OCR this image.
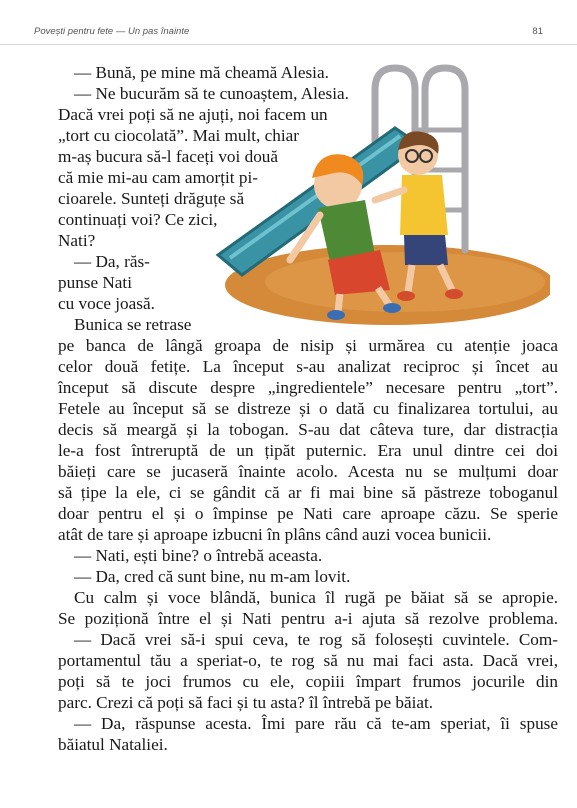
Povești pentru fete — Un pas înainte	81
— Bună, pe mine mă cheamă Alesia.
— Ne bucurăm să te cunoaștem, Alesia.
Dacă vrei poți să ne ajuți, noi facem un
„tort cu ciocolată”. Mai mult, chiar
m-aș bucura să-l faceți voi două
că mie mi-au cam amorțit pi-
cioarele. Sunteți drăguțe să
continuați voi? Ce zici,
Nati?
— Da, răs-
punse Nati
cu voce joasă.
Bunica se retrase
pe banca de lângă groapa de nisip și urmărea cu atenție joaca
celor două fetițe. La început s-au analizat reciproc și încet au
început să discute despre „ingredientele” necesare pentru „tort”.
Fetele au început să se distreze și o dată cu finalizarea tortului, au
decis să meargă și la tobogan. S-au dat câteva ture, dar distracția
le-a fost întreruptă de un țipăt puternic. Era unul dintre cei doi
băieți care se jucaseră înainte acolo. Acesta nu se mulțumi doar
să țipe la ele, ci se gândit că ar fi mai bine să păstreze toboganul
doar pentru el și o împinse pe Nati care aproape căzu. Se sperie
atât de tare și aproape izbucni în plâns când auzi vocea bunicii.
— Nati, ești bine? o întrebă aceasta.
— Da, cred că sunt bine, nu m-am lovit.
Cu calm și voce blândă, bunica îl rugă pe băiat să se apropie.
Se poziționă între el și Nati pentru a-i ajuta să rezolve problema.
— Dacă vrei să-i spui ceva, te rog să folosești cuvintele. Com-
portamentul tău a speriat-o, te rog să nu mai faci asta. Dacă vrei,
poți să te joci frumos cu ele, copiii împart frumos jocurile din
parc. Crezi că poți să faci și tu asta? îl întrebă pe băiat.
— Da, răspunse acesta. Îmi pare rău că te-am speriat, îi spuse
băiatul Nataliei.
